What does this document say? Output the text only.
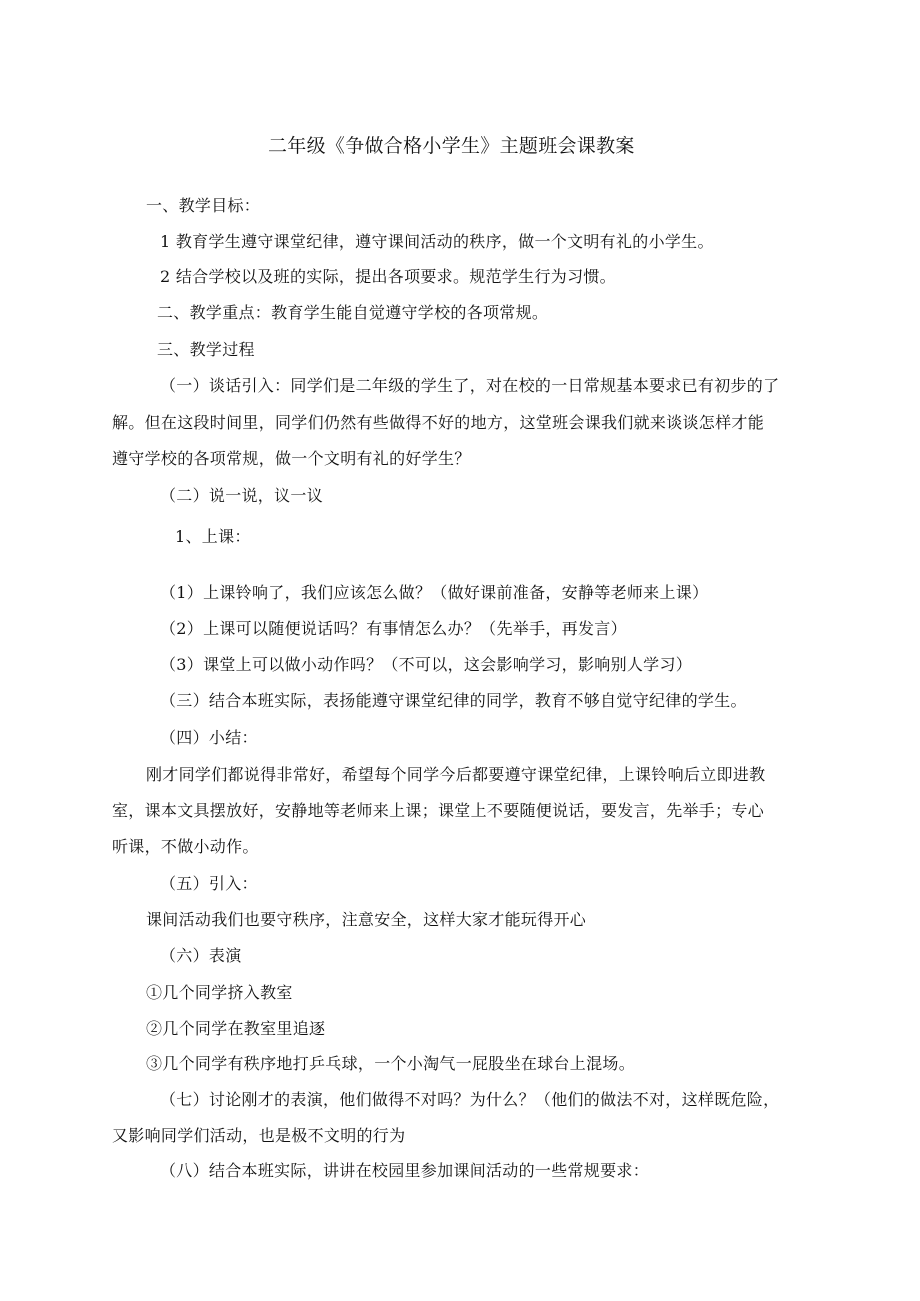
二年级《争做合格小学生》主题班会课教案
一、教学目标：
1 教育学生遵守课堂纪律，遵守课间活动的秩序，做一个文明有礼的小学生。
2 结合学校以及班的实际，提出各项要求。规范学生行为习惯。
二、教学重点：教育学生能自觉遵守学校的各项常规。
三、教学过程
（一）谈话引入：同学们是二年级的学生了，对在校的一日常规基本要求已有初步的了
解。但在这段时间里，同学们仍然有些做得不好的地方，这堂班会课我们就来谈谈怎样才能
遵守学校的各项常规，做一个文明有礼的好学生？
（二）说一说，议一议
1、上课：
（1）上课铃响了，我们应该怎么做？（做好课前准备，安静等老师来上课）
（2）上课可以随便说话吗？有事情怎么办？（先举手，再发言）
（3）课堂上可以做小动作吗？（不可以，这会影响学习，影响别人学习）
（三）结合本班实际，表扬能遵守课堂纪律的同学，教育不够自觉守纪律的学生。
（四）小结：
刚才同学们都说得非常好，希望每个同学今后都要遵守课堂纪律，上课铃响后立即进教
室，课本文具摆放好，安静地等老师来上课；课堂上不要随便说话，要发言，先举手；专心
听课，不做小动作。
（五）引入：
课间活动我们也要守秩序，注意安全，这样大家才能玩得开心
（六）表演
①几个同学挤入教室
②几个同学在教室里追逐
③几个同学有秩序地打乒乓球，一个小淘气一屁股坐在球台上混场。
（七）讨论刚才的表演，他们做得不对吗？为什么？（他们的做法不对，这样既危险，
又影响同学们活动，也是极不文明的行为
（八）结合本班实际，讲讲在校园里参加课间活动的一些常规要求：
